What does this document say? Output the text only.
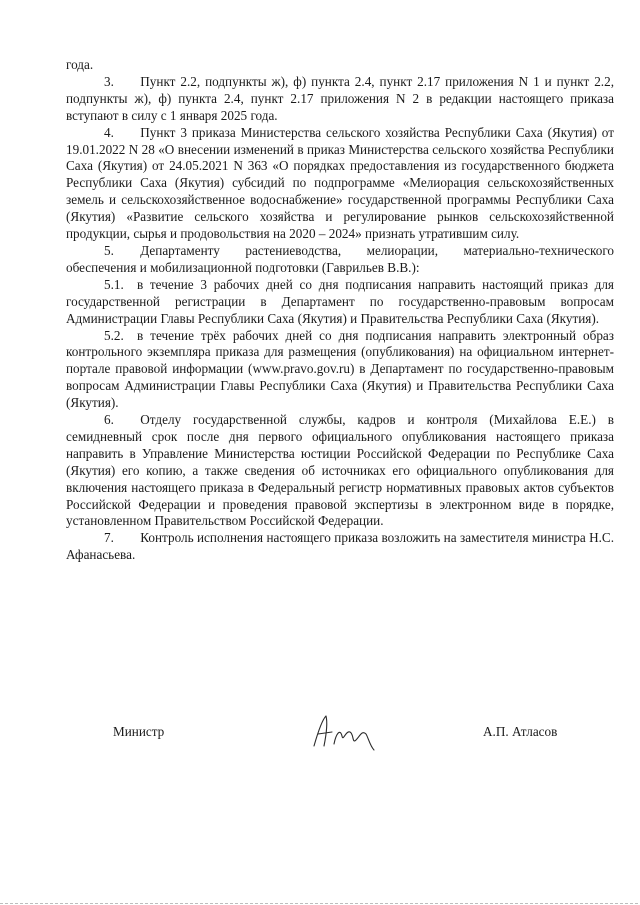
года.

3.  Пункт 2.2, подпункты ж), ф) пункта 2.4, пункт 2.17 приложения N 1 и пункт 2.2, подпункты ж), ф) пункта 2.4, пункт 2.17 приложения N 2 в редакции настоящего приказа вступают в силу с 1 января 2025 года.

4.  Пункт 3 приказа Министерства сельского хозяйства Республики Саха (Якутия) от 19.01.2022 N 28 «О внесении изменений в приказ Министерства сельского хозяйства Республики Саха (Якутия) от 24.05.2021 N 363 «О порядках предоставления из государственного бюджета Республики Саха (Якутия) субсидий по подпрограмме «Мелиорация сельскохозяйственных земель и сельскохозяйственное водоснабжение» государственной программы Республики Саха (Якутия) «Развитие сельского хозяйства и регулирование рынков сельскохозяйственной продукции, сырья и продовольствия на 2020 – 2024» признать утратившим силу.

5.  Департаменту растениеводства, мелиорации, материально-технического обеспечения и мобилизационной подготовки (Гаврильев В.В.):

5.1. в течение 3 рабочих дней со дня подписания направить настоящий приказ для государственной регистрации в Департамент по государственно-правовым вопросам Администрации Главы Республики Саха (Якутия) и Правительства Республики Саха (Якутия).

5.2. в течение трёх рабочих дней со дня подписания направить электронный образ контрольного экземпляра приказа для размещения (опубликования) на официальном интернет-портале правовой информации (www.pravo.gov.ru) в Департамент по государственно-правовым вопросам Администрации Главы Республики Саха (Якутия) и Правительства Республики Саха (Якутия).

6.  Отделу государственной службы, кадров и контроля (Михайлова Е.Е.) в семидневный срок после дня первого официального опубликования настоящего приказа направить в Управление Министерства юстиции Российской Федерации по Республике Саха (Якутия) его копию, а также сведения об источниках его официального опубликования для включения настоящего приказа в Федеральный регистр нормативных правовых актов субъектов Российской Федерации и проведения правовой экспертизы в электронном виде в порядке, установленном Правительством Российской Федерации.

7.  Контроль исполнения настоящего приказа возложить на заместителя министра Н.С. Афанасьева.

Министр	А.П. Атласов
